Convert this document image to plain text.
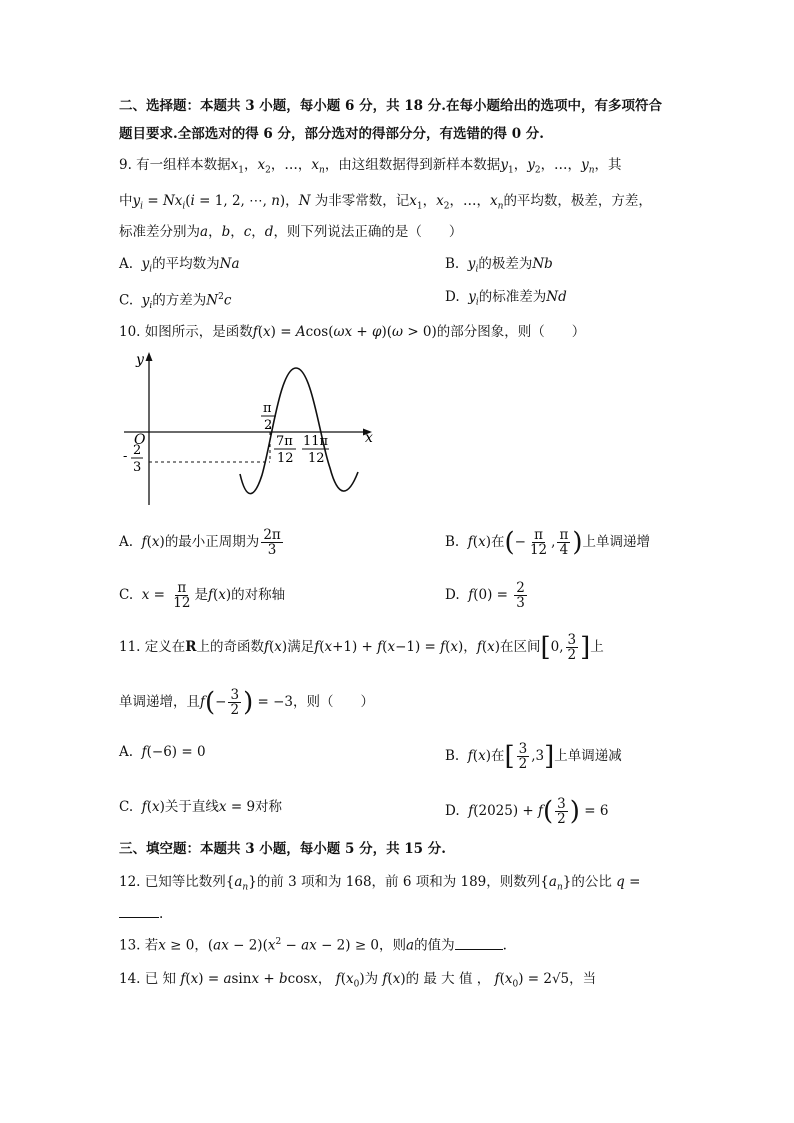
二、选择题：本题共 3 小题，每小题 6 分，共 18 分.在每小题给出的选项中，有多项符合
题目要求.全部选对的得 6 分，部分选对的得部分分，有选错的得 0 分.
9. 有一组样本数据$x_1$，$x_2$，…，$x_n$，由这组数据得到新样本数据$y_1$，$y_2$，…，$y_n$，其
中$y_i = Nx_i(i = 1$, 2, ⋯, n)，N 为非零常数，记$x_1$，$x_2$，…，$x_n$的平均数，极差，方差，
标准差分别为a，b，c，d，则下列说法正确的是（　　）
A.  $y_i$的平均数为Na	B.  $y_i$的极差为Nb
C.  $y_i$的方差为$N^2c$	D.  $y_i$的标准差为Nd
10. 如图所示，是函数f(x) = Acos(ωx + φ)(ω > 0)的部分图象，则（　　）
y
x
O
π
2
7π
12
11π
12
- 2
3
A.  f(x)的最小正周期为 $\frac{2\pi}{3}$	B.  f(x)在(− $\frac{\pi}{12}$ , $\frac{\pi}{4}$ )上单调递增
C.  $x = \frac{\pi}{12}$ 是f(x)的对称轴	D.  $f(0) = \frac{2}{3}$
11. 定义在R上的奇函数f(x)满足f(x+1) + f(x−1) = f(x)，f(x)在区间[0, $\frac{3}{2}$ ]上
单调递增，且$f(- \frac{3}{2}$ ) = −3，则（　　）
A.  f(−6) = 0	B.  f(x)在[ $\frac{3}{2} ,3$]上单调递减
C.  f(x)关于直线x = 9对称	D.  $f(2025) + f( \frac{3}{2}$ ) = 6
三、填空题：本题共 3 小题，每小题 5 分，共 15 分.
12. 已知等比数列$\{a_n\}$的前 3 项和为 168，前 6 项和为 189，则数列$\{a_n\}$的公比 q =
.
13. 若x ≥ 0，$(ax - 2)(x^2$ − ax − 2) ≥ 0，则a的值为	.
14. 已 知 f(x) = asinx + bcosx， $f(x_0)$为 f(x)的 最 大 值 ， $f(x_0) = 2√5$，当
